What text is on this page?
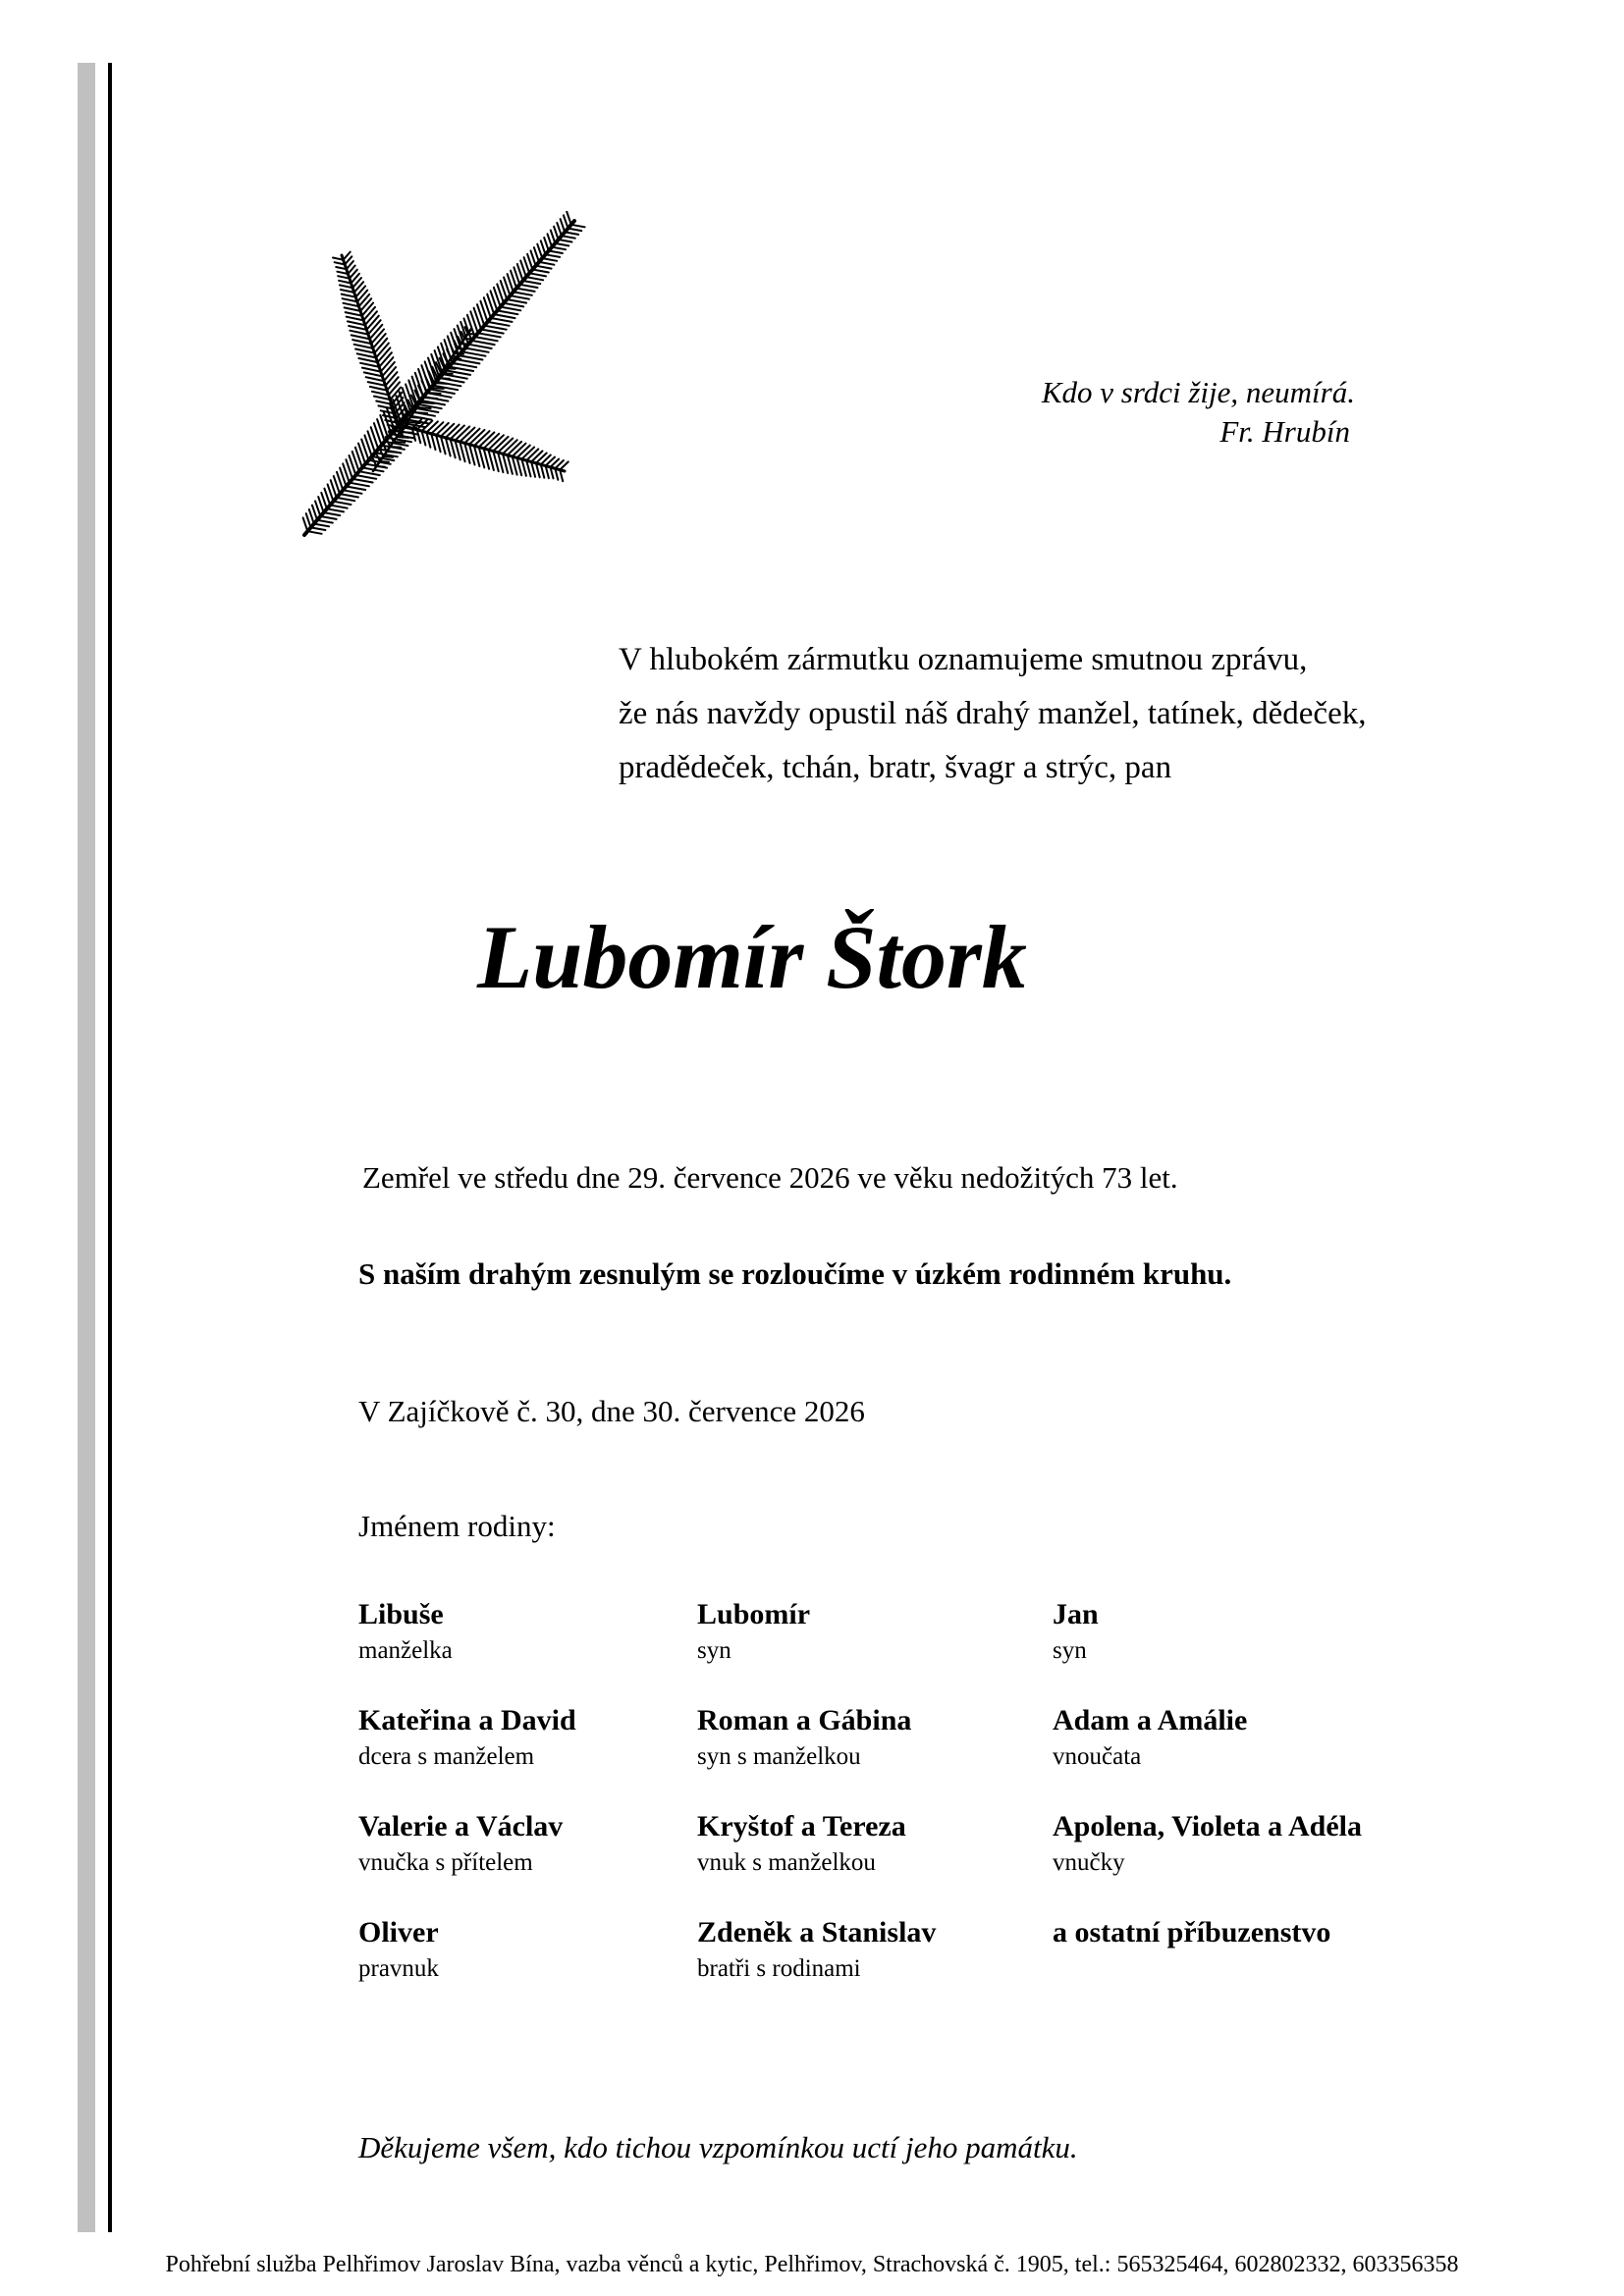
Kdo v srdci žije, neumírá.
Fr. Hrubín
V hlubokém zármutku oznamujeme smutnou zprávu,
že nás navždy opustil náš drahý manžel, tatínek, dědeček,
pradědeček, tchán, bratr, švagr a strýc, pan
Lubomír Štork
Zemřel ve středu dne 29. července 2026 ve věku nedožitých 73 let.
S naším drahým zesnulým se rozloučíme v úzkém rodinném kruhu.
V Zajíčkově č. 30, dne 30. července 2026
Jménem rodiny:
Libuše
manželka
Lubomír
syn
Jan
syn
Kateřina a David
dcera s manželem
Roman a Gábina
syn s manželkou
Adam a Amálie
vnoučata
Valerie a Václav
vnučka s přítelem
Kryštof a Tereza
vnuk s manželkou
Apolena, Violeta a Adéla
vnučky
Oliver
pravnuk
Zdeněk a Stanislav
bratři s rodinami
a ostatní příbuzenstvo
Děkujeme všem, kdo tichou vzpomínkou uctí jeho památku.
Pohřební služba Pelhřimov Jaroslav Bína, vazba věnců a kytic, Pelhřimov, Strachovská č. 1905, tel.: 565325464, 602802332, 603356358
